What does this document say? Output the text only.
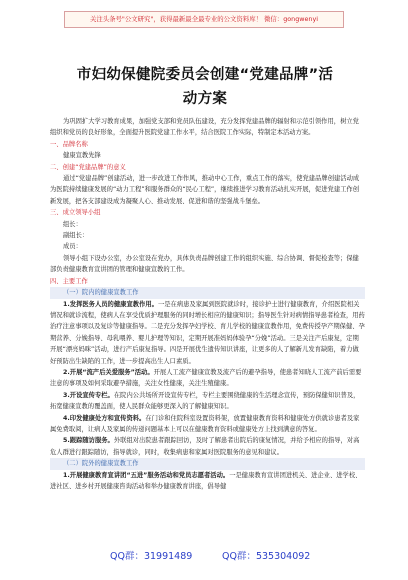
关注头条号"公文研究"，获得最新最全最专业的公文资料库！ 微信：gongwenyi
市妇幼保健院委员会创建“党建品牌”活
动方案

为巩固扩大学习教育成果，加强党支部和党员队伍建设，充分发挥党建品牌的辐射和示范引领作用，树立党组织和党员的良好形象，全面提升医院党建工作水平，结合医院工作实际，特制定本活动方案。

一、品牌名称

健康宣教先锋

二、创建“党建品牌”的意义

通过“党建品牌”创建活动，进一步改进工作作风，推动中心工作，重点工作的落实，使党建品牌创建活动成为医院持续健康发展的“动力工程”和服务群众的“民心工程”，继续推进学习教育活动扎实开展，促进党建工作创新发展，把各支部建设成为凝聚人心、推动发展、促进和谐的坚强战斗堡垒。

三、成立领导小组

组长：

副组长：

成员：

领导小组下设办公室，办公室设在党办，具体负责品牌创建工作的组织实施、综合协调、督促检查等；保健部负责健康教育宣讲团的管理和健康宣教的工作。

四、主要工作

（一）院内的健康宣教工作

1.发挥医务人员的健康宣教作用。一是在病患及家属到医院就诊时，接诊护士进行健康教育，介绍医院相关情况和就诊流程，使病人在享受优质护理服务的同时增长相应的健康知识；指导医生针对病情指导患者检查，用药治疗注意事项以及复诊等健康指导。二是充分发挥孕妇学校、育儿学校的健康宣教作用，免费传授孕产期保健、孕期营养、分娩指导、母乳喂养、婴儿护理等知识，定期开展准妈妈体验孕“分娩”活动。三是关注产后康复，定期开展“漂亮妈咪”活动，进行产后康复指导。四是开展优生遗传知识讲座，让更多的人了解新儿发育缺陷，着力做好预防出生缺陷的工作，进一步提高出生人口素质。

2.开展“流产后关爱服务”活动。开展人工流产健康宣教及流产后的避孕指导，使患者知晓人工流产前后需要注意的事项及如何采取避孕措施，关注女性健康，关注生殖健康。

3.开设宣传专栏。在院内公共场所开设宣传专栏，专栏主要围绕健康的生活理念宣传，预防保健知识普及，拓宽健康宣教的覆盖面，使人民群众能够更深入的了解健康知识。

4.印发健康处方和宣传资料。在门诊和住院科室设置资料架，放置健康教育资料和健康处方供就诊患者及家属免费取阅，让病人及家属的传递问题基本上可以在健康教育资料或健康处方上找到满意的答复。

5.跟踪随访服务。外联组对出院患者跟踪回访，及时了解患者出院后的康复情况，并给予相应的指导，对高危人群进行跟踪随访，指导就诊，同时，收集病患和家属对医院服务的意见和建议。

（二）院外的健康宣教工作

1.开展健康教育宣讲团“五进”服务活动和党员志愿者活动。一是健康教育宣讲团进机关、进企业、进学校、进社区、进乡村开展健康咨询活动和举办健康教育讲座，倡导健

QQ群：31991489	QQ群：535304092
